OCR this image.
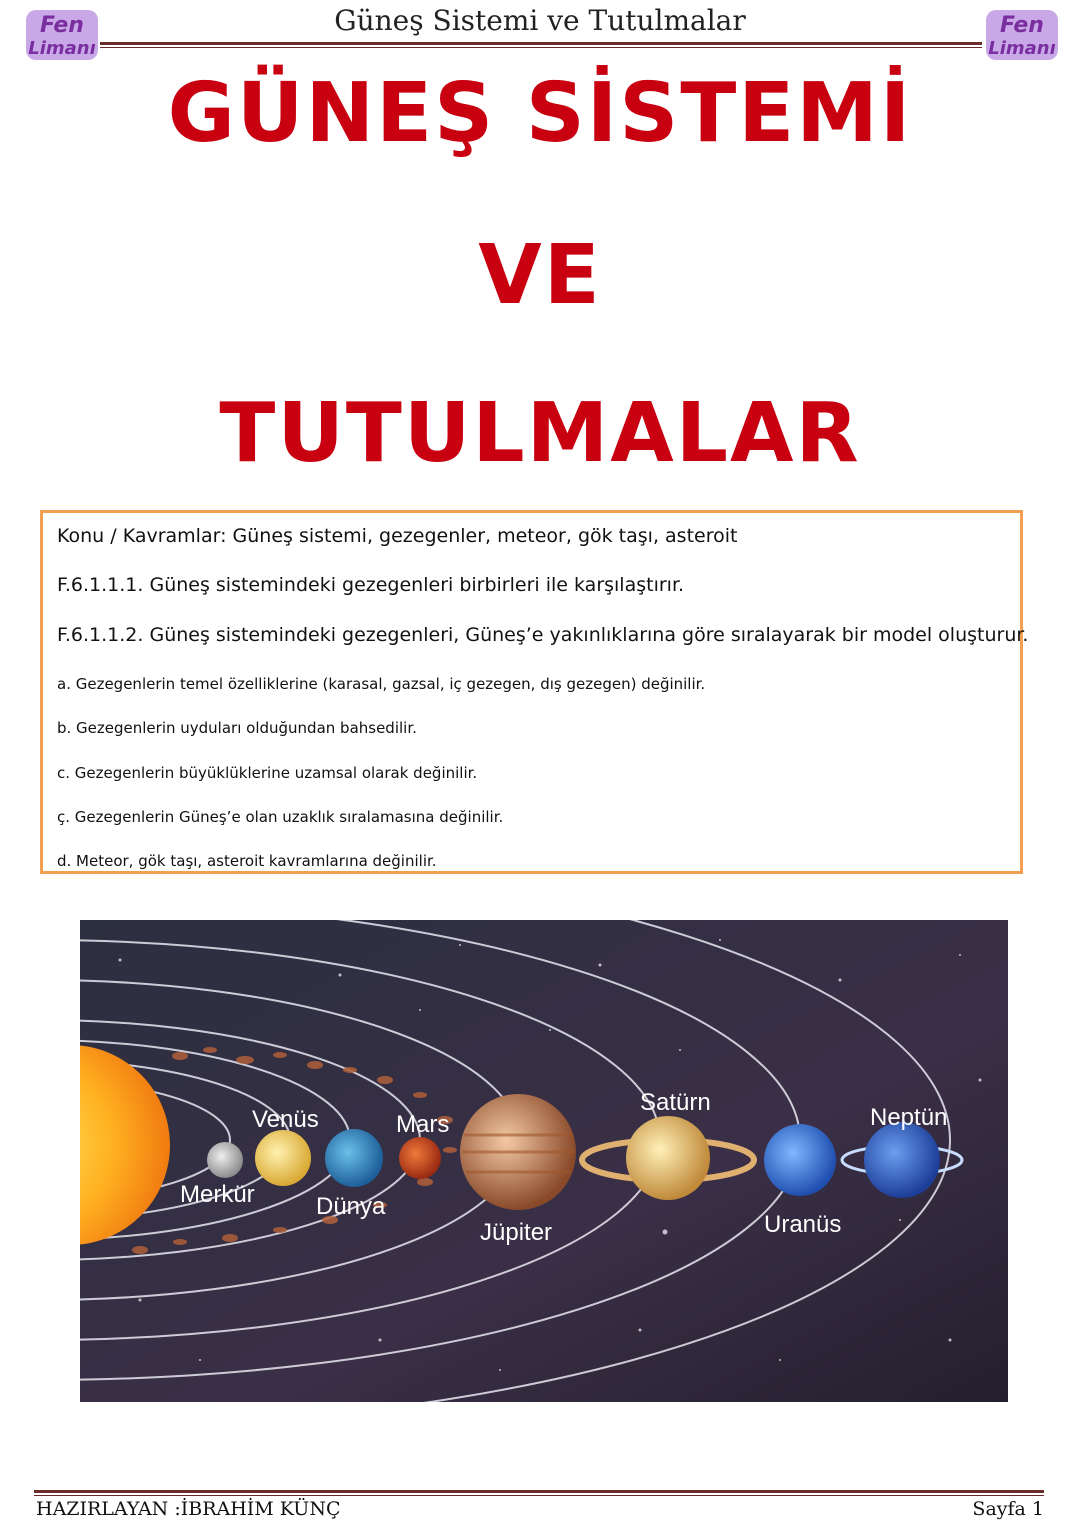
Fen
Limanı
Güneş Sistemi ve Tutulmalar	Fen
Limanı
GÜNEŞ SİSTEMİ
VE
TUTULMALAR
Konu / Kavramlar: Güneş sistemi, gezegenler, meteor, gök taşı, asteroit
F.6.1.1.1. Güneş sistemindeki gezegenleri birbirleri ile karşılaştırır.
F.6.1.1.2. Güneş sistemindeki gezegenleri, Güneş’e yakınlıklarına göre sıralayarak bir model oluşturur.
a. Gezegenlerin temel özelliklerine (karasal, gazsal, iç gezegen, dış gezegen) değinilir.
b. Gezegenlerin uyduları olduğundan bahsedilir.
c. Gezegenlerin büyüklüklerine uzamsal olarak değinilir.
ç. Gezegenlerin Güneş’e olan uzaklık sıralamasına değinilir.
d. Meteor, gök taşı, asteroit kavramlarına değinilir.
Merkür
Venüs
Dünya
Mars
Jüpiter
Satürn
Uranüs
Neptün
HAZIRLAYAN :İBRAHİM KÜNÇ	Sayfa 1
